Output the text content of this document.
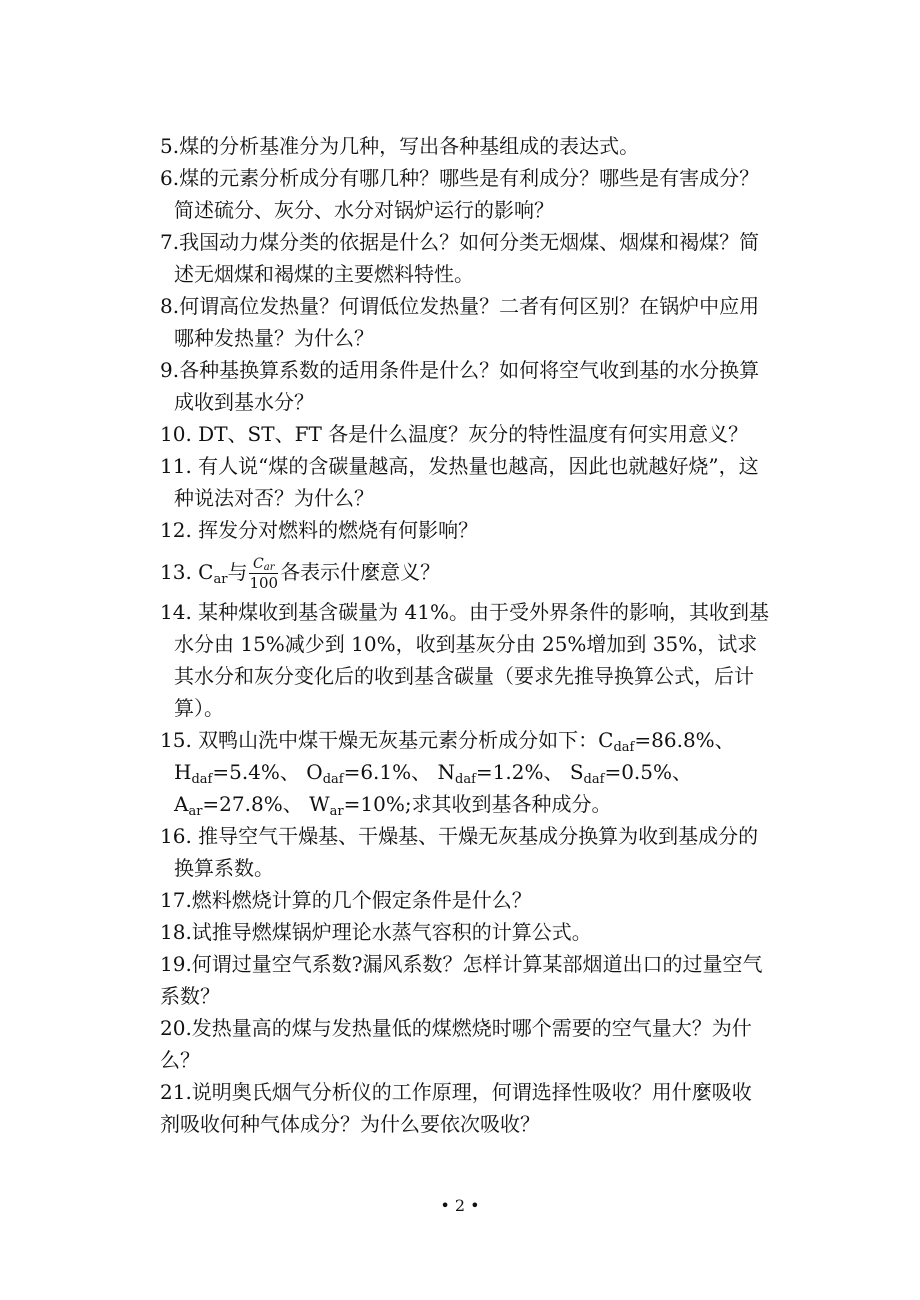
5.煤的分析基准分为几种，写出各种基组成的表达式。

6.煤的元素分析成分有哪几种？哪些是有利成分？哪些是有害成分？简述硫分、灰分、水分对锅炉运行的影响？

7.我国动力煤分类的依据是什么？如何分类无烟煤、烟煤和褐煤？简述无烟煤和褐煤的主要燃料特性。

8.何谓高位发热量？何谓低位发热量？二者有何区别？在锅炉中应用哪种发热量？为什么？

9.各种基换算系数的适用条件是什么？如何将空气收到基的水分换算成收到基水分？

10. DT、ST、FT 各是什么温度？灰分的特性温度有何实用意义？

11. 有人说“煤的含碳量越高，发热量也越高，因此也就越好烧”，这种说法对否？为什么？

12. 挥发分对燃料的燃烧有何影响？

13. $C_{ar}$与 $\frac{C_{ar}}{100}$ 各表示什麼意义？

14. 某种煤收到基含碳量为 41%。由于受外界条件的影响，其收到基水分由 15%减少到 10%，收到基灰分由 25%增加到 35%，试求其水分和灰分变化后的收到基含碳量（要求先推导换算公式，后计算）。

15. 双鸭山洗中煤干燥无灰基元素分析成分如下：$C_{daf}=86.8\%$、 $H_{daf}=5.4\%$、 $O_{daf}=6.1\%$、 $N_{daf}=1.2\%$、 $S_{daf}=0.5\%$、 $A_{ar}=27.8\%$、 $W_{ar}=10\%$;求其收到基各种成分。

16. 推导空气干燥基、干燥基、干燥无灰基成分换算为收到基成分的换算系数。

17.燃料燃烧计算的几个假定条件是什么？

18.试推导燃煤锅炉理论水蒸气容积的计算公式。

19.何谓过量空气系数?漏风系数？怎样计算某部烟道出口的过量空气系数？

20.发热量高的煤与发热量低的煤燃烧时哪个需要的空气量大？为什么？

21.说明奥氏烟气分析仪的工作原理，何谓选择性吸收？用什麼吸收剂吸收何种气体成分？为什么要依次吸收？

• 2 •
